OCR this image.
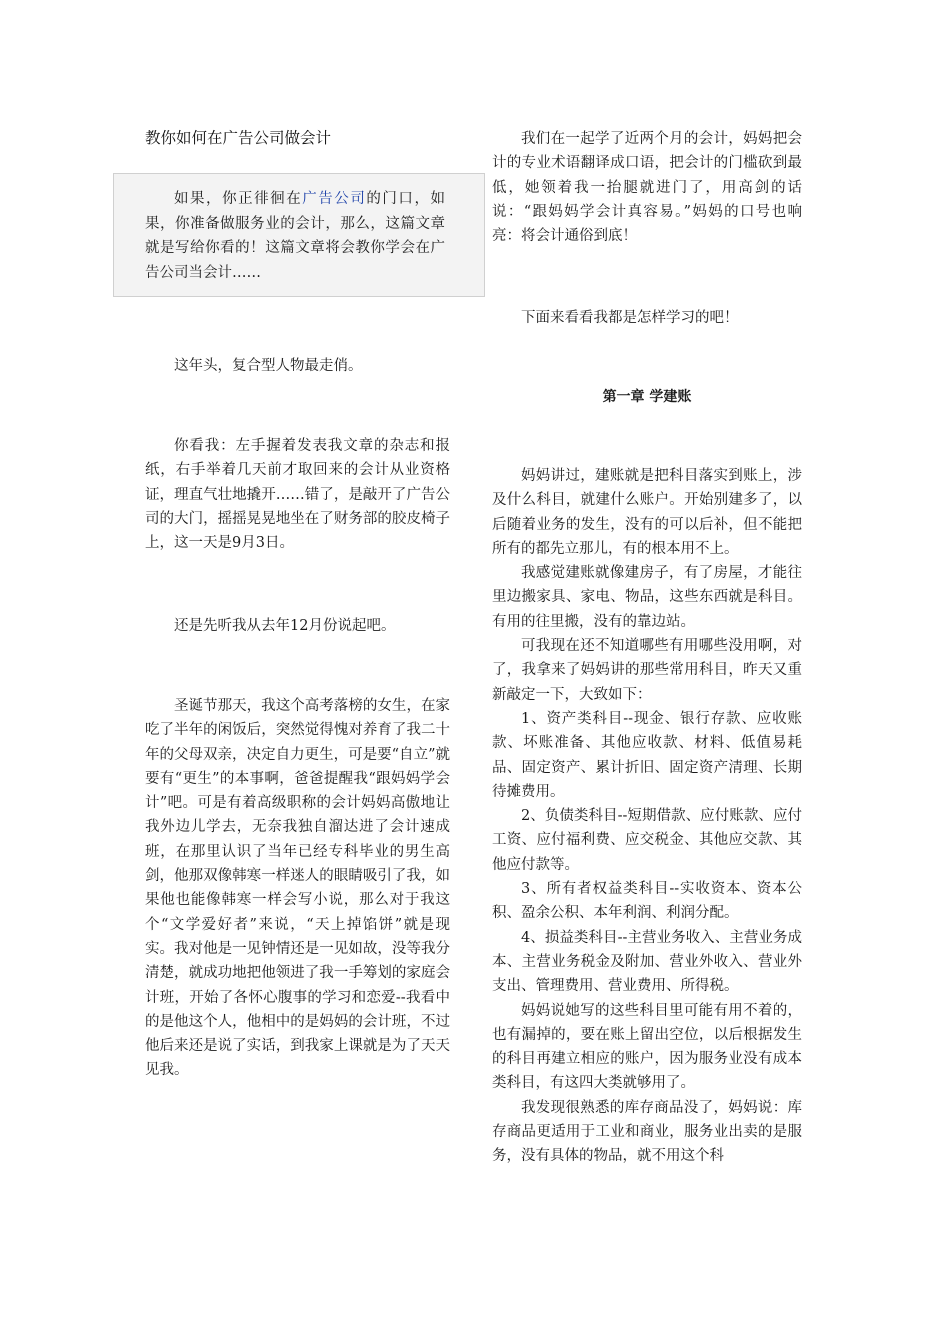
教你如何在广告公司做会计

如果，你正徘徊在广告公司的门口，如果，你准备做服务业的会计，那么，这篇文章就是写给你看的！这篇文章将会教你学会在广告公司当会计……

这年头，复合型人物最走俏。

你看我：左手握着发表我文章的杂志和报纸，右手举着几天前才取回来的会计从业资格证，理直气壮地撬开……错了，是敲开了广告公司的大门，摇摇晃晃地坐在了财务部的胶皮椅子上，这一天是9月3日。

还是先听我从去年12月份说起吧。

圣诞节那天，我这个高考落榜的女生，在家吃了半年的闲饭后，突然觉得愧对养育了我二十年的父母双亲，决定自力更生，可是要“自立”就要有“更生”的本事啊，爸爸提醒我“跟妈妈学会计”吧。可是有着高级职称的会计妈妈高傲地让我外边儿学去，无奈我独自溜达进了会计速成班，在那里认识了当年已经专科毕业的男生高剑，他那双像韩寒一样迷人的眼睛吸引了我，如果他也能像韩寒一样会写小说，那么对于我这个“文学爱好者”来说，“天上掉馅饼”就是现实。我对他是一见钟情还是一见如故，没等我分清楚，就成功地把他领进了我一手筹划的家庭会计班，开始了各怀心腹事的学习和恋爱--我看中的是他这个人，他相中的是妈妈的会计班，不过他后来还是说了实话，到我家上课就是为了天天见我。

我们在一起学了近两个月的会计，妈妈把会计的专业术语翻译成口语，把会计的门槛砍到最低，她领着我一抬腿就进门了，用高剑的话说：“跟妈妈学会计真容易。”妈妈的口号也响亮：将会计通俗到底！

下面来看看我都是怎样学习的吧！

第一章 学建账

妈妈讲过，建账就是把科目落实到账上，涉及什么科目，就建什么账户。开始别建多了，以后随着业务的发生，没有的可以后补，但不能把所有的都先立那儿，有的根本用不上。

我感觉建账就像建房子，有了房屋，才能往里边搬家具、家电、物品，这些东西就是科目。有用的往里搬，没有的靠边站。

可我现在还不知道哪些有用哪些没用啊，对了，我拿来了妈妈讲的那些常用科目，昨天又重新敲定一下，大致如下：

1、资产类科目--现金、银行存款、应收账款、坏账准备、其他应收款、材料、低值易耗品、固定资产、累计折旧、固定资产清理、长期待摊费用。

2、负债类科目--短期借款、应付账款、应付工资、应付福利费、应交税金、其他应交款、其他应付款等。

3、所有者权益类科目--实收资本、资本公积、盈余公积、本年利润、利润分配。

4、损益类科目--主营业务收入、主营业务成本、主营业务税金及附加、营业外收入、营业外支出、管理费用、营业费用、所得税。

妈妈说她写的这些科目里可能有用不着的，也有漏掉的，要在账上留出空位，以后根据发生的科目再建立相应的账户，因为服务业没有成本类科目，有这四大类就够用了。

我发现很熟悉的库存商品没了，妈妈说：库存商品更适用于工业和商业，服务业出卖的是服务，没有具体的物品，就不用这个科
